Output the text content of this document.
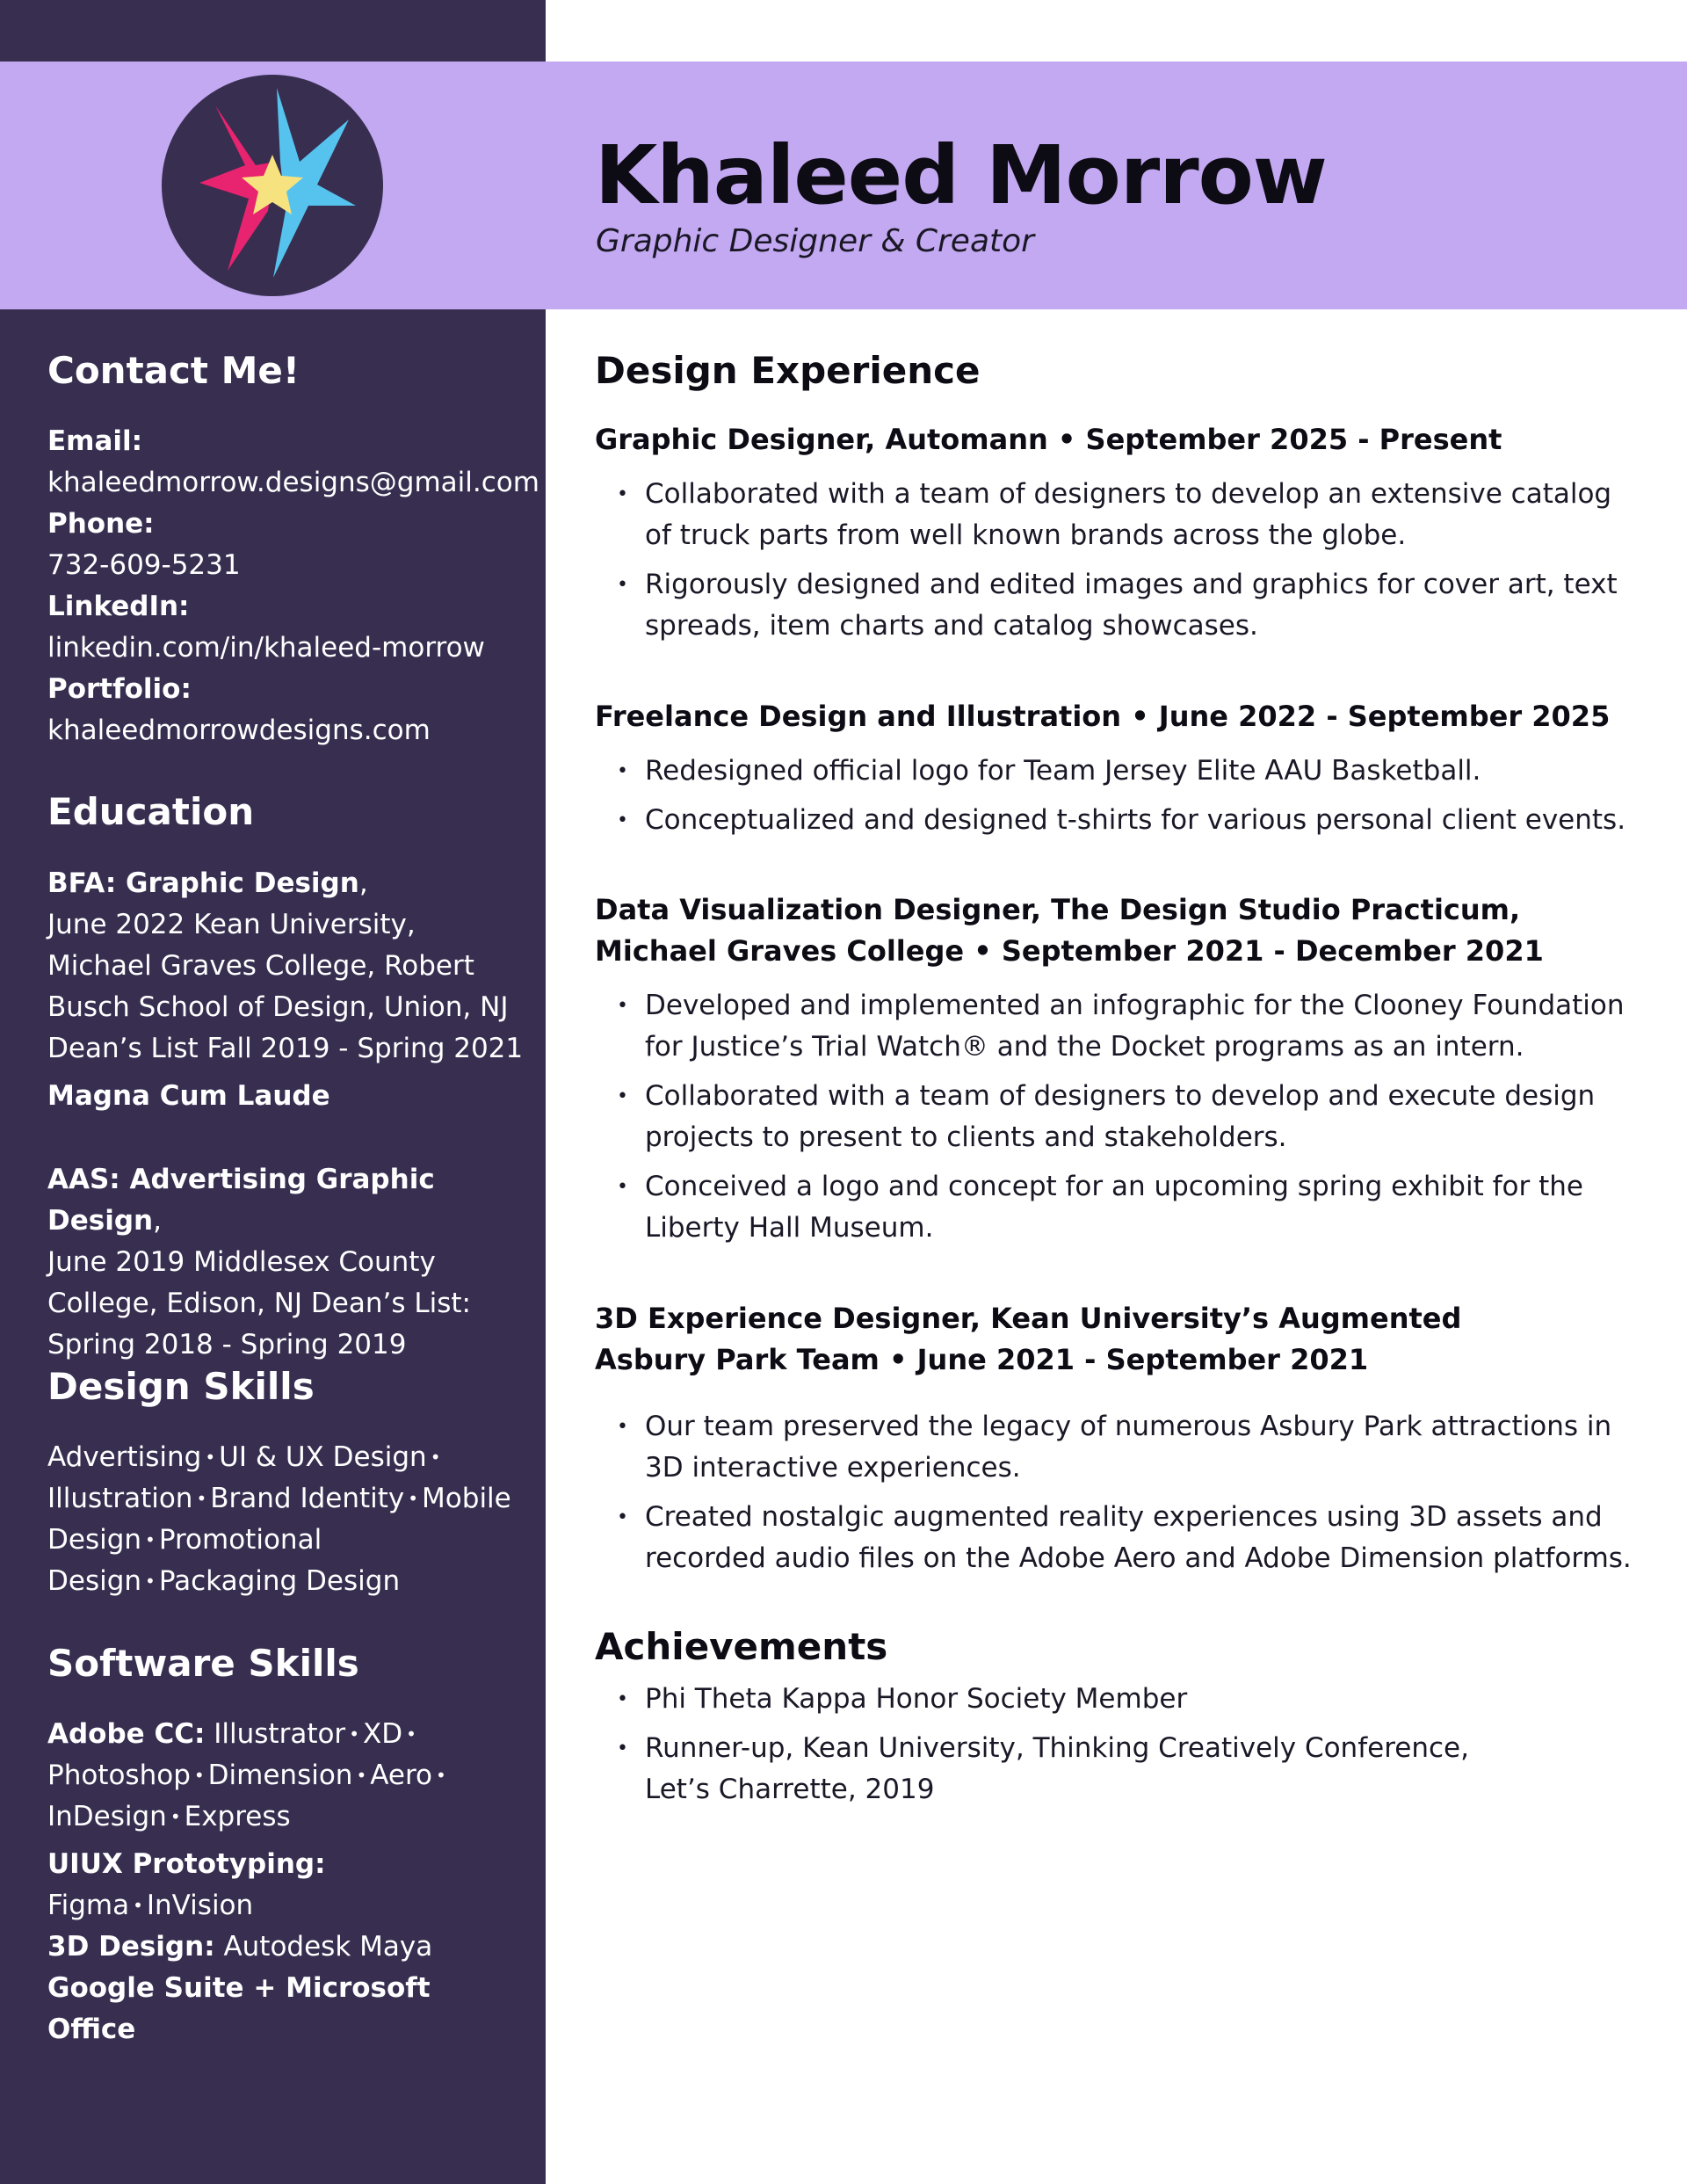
Khaleed Morrow
Graphic Designer & Creator
Contact Me!

Email:

khaleedmorrow.designs@gmail.com

Phone:

732-609-5231

LinkedIn:

linkedin.com/in/khaleed-morrow

Portfolio:

khaleedmorrowdesigns.com

Education

BFA: Graphic Design,

June 2022 Kean University, Michael Graves College, Robert Busch School of Design, Union, NJ Dean’s List Fall 2019 - Spring 2021

Magna Cum Laude

AAS: Advertising Graphic Design,

June 2019 Middlesex County College, Edison, NJ Dean’s List:

Spring 2018 - Spring 2019

Design Skills

Advertising • UI & UX Design •
Illustration • Brand Identity • Mobile Design • Promotional Design • Packaging Design

Software Skills

Adobe CC: Illustrator • XD •
Photoshop • Dimension • Aero •
InDesign • Express

UIUX Prototyping: Figma • InVision

3D Design: Autodesk Maya

Google Suite + Microsoft Office

Design Experience
Graphic Designer, Automann • September 2025 - Present
• Collaborated with a team of designers to develop an extensive catalog of truck parts from well known brands across the globe.
• Rigorously designed and edited images and graphics for cover art, text spreads, item charts and catalog showcases.
Freelance Design and Illustration • June 2022 - September 2025
• Redesigned official logo for Team Jersey Elite AAU Basketball.
• Conceptualized and designed t-shirts for various personal client events.
Data Visualization Designer, The Design Studio Practicum,
Michael Graves College • September 2021 - December 2021
• Developed and implemented an infographic for the Clooney Foundation for Justice’s Trial Watch® and the Docket programs as an intern.
• Collaborated with a team of designers to develop and execute design projects to present to clients and stakeholders.
• Conceived a logo and concept for an upcoming spring exhibit for the Liberty Hall Museum.
3D Experience Designer, Kean University’s Augmented
Asbury Park Team • June 2021 - September 2021
• Our team preserved the legacy of numerous Asbury Park attractions in 3D interactive experiences.
• Created nostalgic augmented reality experiences using 3D assets and recorded audio files on the Adobe Aero and Adobe Dimension platforms.
Achievements
• Phi Theta Kappa Honor Society Member
• Runner-up, Kean University, Thinking Creatively Conference,
Let’s Charrette, 2019
